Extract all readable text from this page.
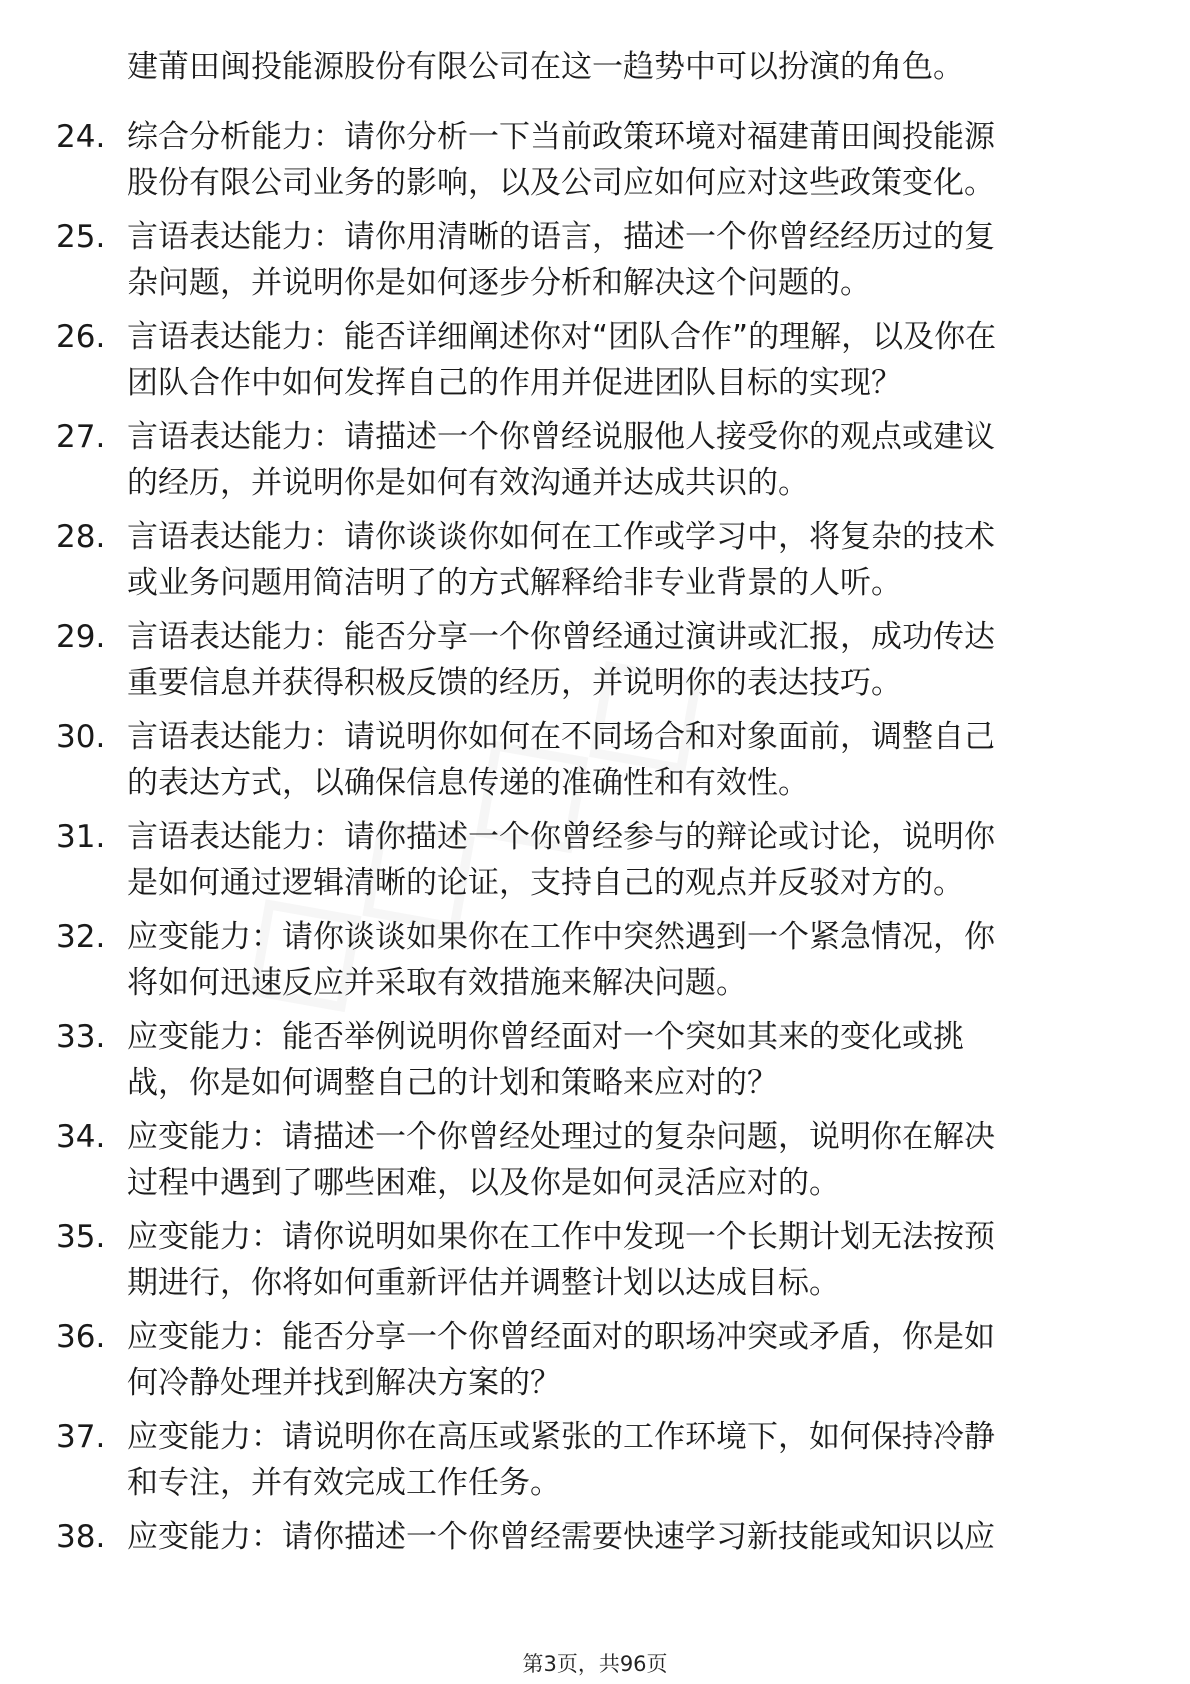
建莆田闽投能源股份有限公司在这一趋势中可以扮演的角色。
24. 综合分析能力：请你分析一下当前政策环境对福建莆田闽投能源
股份有限公司业务的影响，以及公司应如何应对这些政策变化。
25. 言语表达能力：请你用清晰的语言，描述一个你曾经经历过的复
杂问题，并说明你是如何逐步分析和解决这个问题的。
26. 言语表达能力：能否详细阐述你对“团队合作”的理解，以及你在
团队合作中如何发挥自己的作用并促进团队目标的实现？
27. 言语表达能力：请描述一个你曾经说服他人接受你的观点或建议
的经历，并说明你是如何有效沟通并达成共识的。
28. 言语表达能力：请你谈谈你如何在工作或学习中，将复杂的技术
或业务问题用简洁明了的方式解释给非专业背景的人听。
29. 言语表达能力：能否分享一个你曾经通过演讲或汇报，成功传达
重要信息并获得积极反馈的经历，并说明你的表达技巧。
30. 言语表达能力：请说明你如何在不同场合和对象面前，调整自己
的表达方式，以确保信息传递的准确性和有效性。
31. 言语表达能力：请你描述一个你曾经参与的辩论或讨论，说明你
是如何通过逻辑清晰的论证，支持自己的观点并反驳对方的。
32. 应变能力：请你谈谈如果你在工作中突然遇到一个紧急情况，你
将如何迅速反应并采取有效措施来解决问题。
33. 应变能力：能否举例说明你曾经面对一个突如其来的变化或挑
战，你是如何调整自己的计划和策略来应对的？
34. 应变能力：请描述一个你曾经处理过的复杂问题，说明你在解决
过程中遇到了哪些困难，以及你是如何灵活应对的。
35. 应变能力：请你说明如果你在工作中发现一个长期计划无法按预
期进行，你将如何重新评估并调整计划以达成目标。
36. 应变能力：能否分享一个你曾经面对的职场冲突或矛盾，你是如
何冷静处理并找到解决方案的？
37. 应变能力：请说明你在高压或紧张的工作环境下，如何保持冷静
和专注，并有效完成工作任务。
38. 应变能力：请你描述一个你曾经需要快速学习新技能或知识以应
第3页，共96页
